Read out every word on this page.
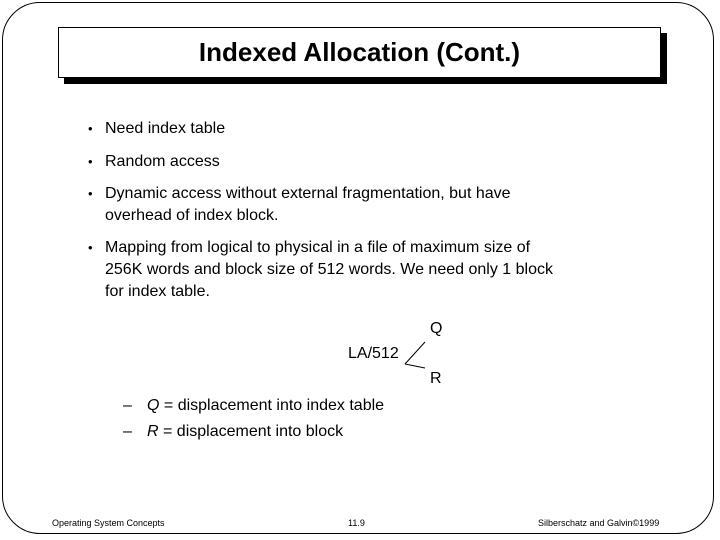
Indexed Allocation (Cont.)
• Need index table
• Random access
• Dynamic access without external fragmentation, but have
overhead of index block.
• Mapping from logical to physical in a file of maximum size of
256K words and block size of 512 words. We need only 1 block
for index table.
LA/512
Q
R
– Q = displacement into index table
– R = displacement into block
Operating System Concepts	11.9	Silberschatz and Galvin©1999
